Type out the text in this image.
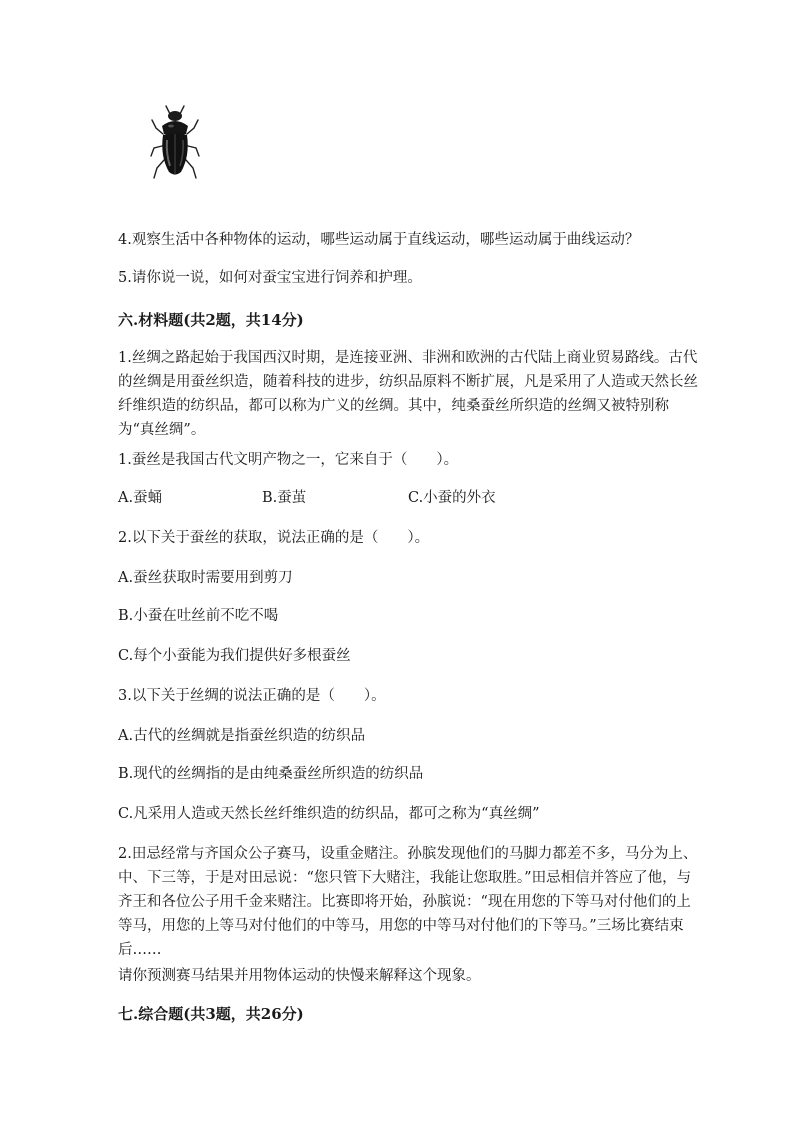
4.观察生活中各种物体的运动，哪些运动属于直线运动，哪些运动属于曲线运动？

5.请你说一说，如何对蚕宝宝进行饲养和护理。

六.材料题(共2题，共14分)

1.丝绸之路起始于我国西汉时期，是连接亚洲、非洲和欧洲的古代陆上商业贸易路线。古代的丝绸是用蚕丝织造，随着科技的进步，纺织品原料不断扩展，凡是采用了人造或天然长丝纤维织造的纺织品，都可以称为广义的丝绸。其中，纯桑蚕丝所织造的丝绸又被特别称为“真丝绸”。

1.蚕丝是我国古代文明产物之一，它来自于（　　）。

A.蚕蛹	B.蚕茧	C.小蚕的外衣

2.以下关于蚕丝的获取，说法正确的是（　　）。

A.蚕丝获取时需要用到剪刀

B.小蚕在吐丝前不吃不喝

C.每个小蚕能为我们提供好多根蚕丝

3.以下关于丝绸的说法正确的是（　　）。

A.古代的丝绸就是指蚕丝织造的纺织品

B.现代的丝绸指的是由纯桑蚕丝所织造的纺织品

C.凡采用人造或天然长丝纤维织造的纺织品，都可之称为“真丝绸”

2.田忌经常与齐国众公子赛马，设重金赌注。孙膑发现他们的马脚力都差不多，马分为上、中、下三等，于是对田忌说：“您只管下大赌注，我能让您取胜。”田忌相信并答应了他，与齐王和各位公子用千金来赌注。比赛即将开始，孙膑说：“现在用您的下等马对付他们的上等马，用您的上等马对付他们的中等马，用您的中等马对付他们的下等马。”三场比赛结束后……

请你预测赛马结果并用物体运动的快慢来解释这个现象。

七.综合题(共3题，共26分)
